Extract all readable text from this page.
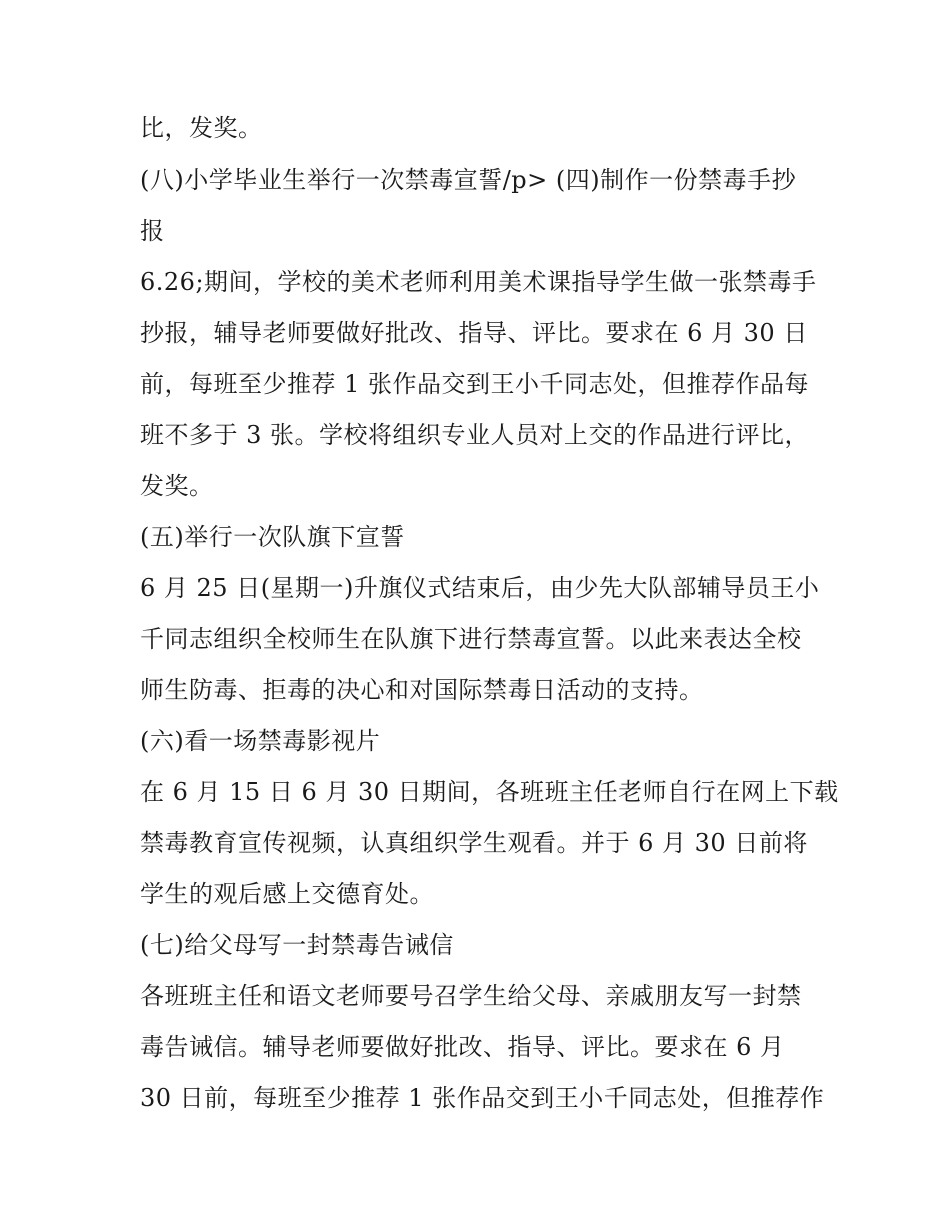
比，发奖。
(八)小学毕业生举行一次禁毒宣誓/p> (四)制作一份禁毒手抄
报
6.26;期间，学校的美术老师利用美术课指导学生做一张禁毒手
抄报，辅导老师要做好批改、指导、评比。要求在 6 月 30 日
前，每班至少推荐 1 张作品交到王小千同志处，但推荐作品每
班不多于 3 张。学校将组织专业人员对上交的作品进行评比，
发奖。
(五)举行一次队旗下宣誓
6 月 25 日(星期一)升旗仪式结束后，由少先大队部辅导员王小
千同志组织全校师生在队旗下进行禁毒宣誓。以此来表达全校
师生防毒、拒毒的决心和对国际禁毒日活动的支持。
(六)看一场禁毒影视片
在 6 月 15 日 6 月 30 日期间，各班班主任老师自行在网上下载
禁毒教育宣传视频，认真组织学生观看。并于 6 月 30 日前将
学生的观后感上交德育处。
(七)给父母写一封禁毒告诫信
各班班主任和语文老师要号召学生给父母、亲戚朋友写一封禁
毒告诫信。辅导老师要做好批改、指导、评比。要求在 6 月
30 日前，每班至少推荐 1 张作品交到王小千同志处，但推荐作
